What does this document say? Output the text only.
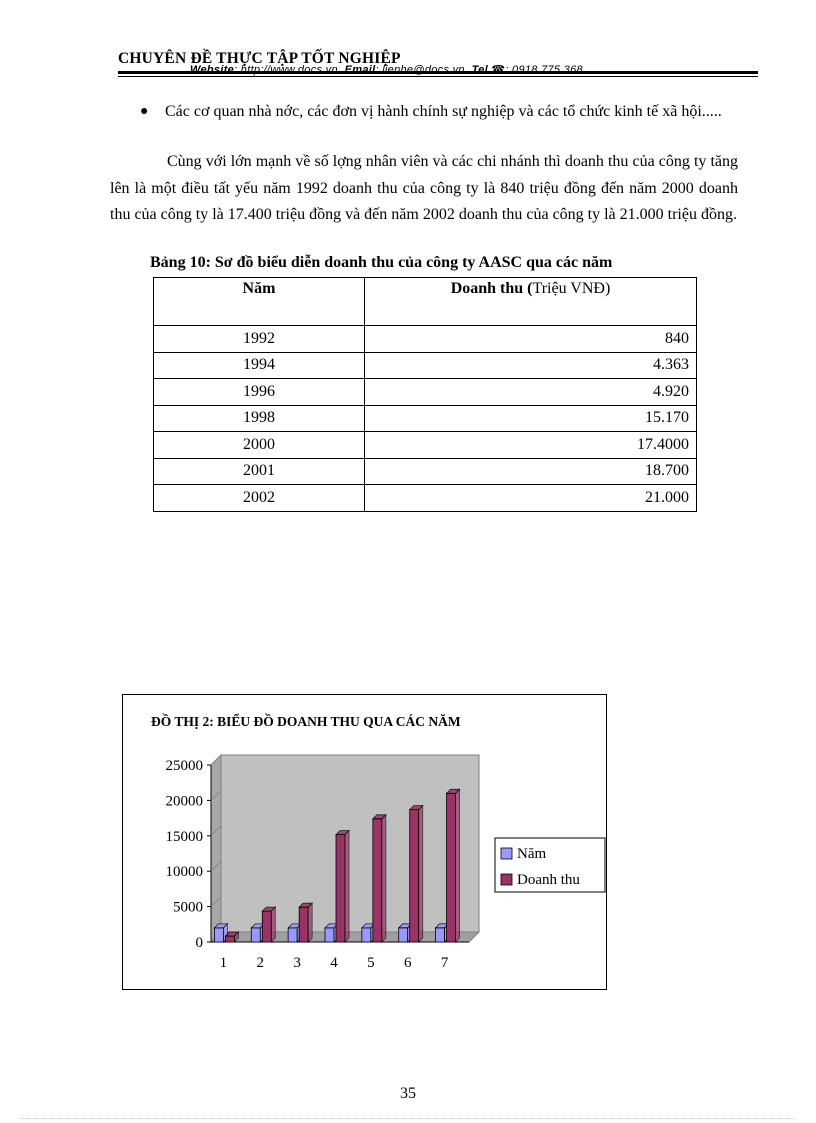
CHUYÊN ĐỀ THỰC TẬP TỐT NGHIỆP
Website: http://www.docs.vn Email: lienhe@docs.vn Tel ☎: 0918.775.368
● Các cơ quan nhà nớc, các đơn vị hành chính sự nghiệp và các tổ chức kinh tế xã hội.....
Cùng với lớn mạnh về số lợng nhân viên và các chi nhánh thì doanh thu của công ty tăng lên là một điều tất yếu năm 1992 doanh thu của công ty là 840 triệu đồng đến năm 2000 doanh thu của công ty là 17.400 triệu đồng và đến năm 2002 doanh thu của công ty là 21.000 triệu đồng.
Bảng 10: Sơ đồ biểu diễn doanh thu của công ty AASC qua các năm
Năm	Doanh thu (Triệu VNĐ)
1992	840
1994	4.363
1996	4.920
1998	15.170
2000	17.4000
2001	18.700
2002	21.000
ĐỒ THỊ 2: BIỂU ĐỒ DOANH THU QUA CÁC NĂM
0
5000
10000
15000
20000
25000
1 2 3 4 5 6 7
Năm
Doanh thu
35
